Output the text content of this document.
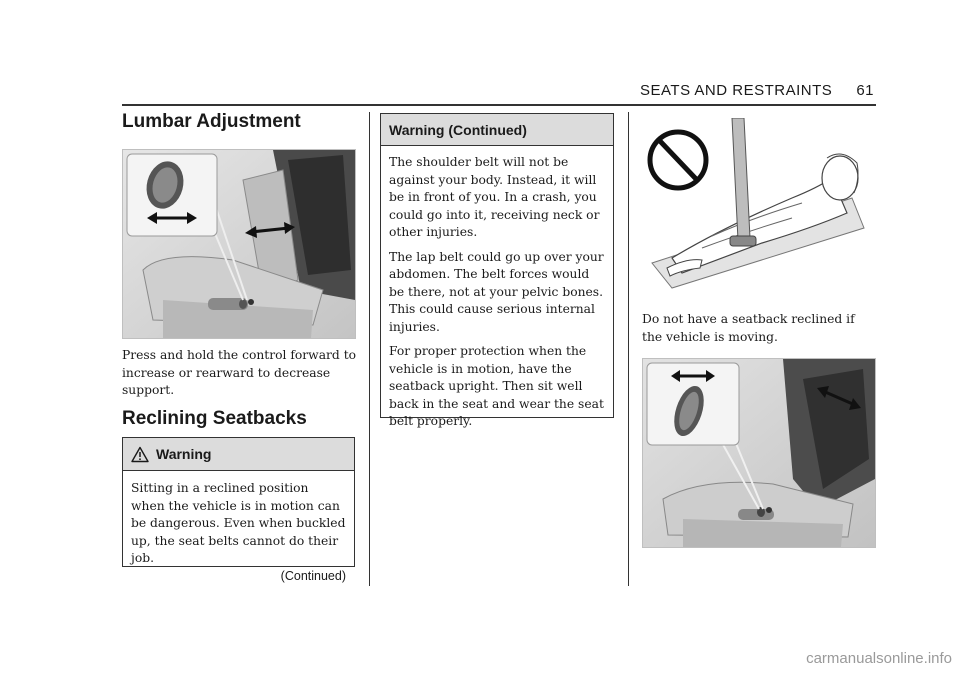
SEATS AND RESTRAINTS 61
Lumbar Adjustment
Press and hold the control forward to increase or rearward to decrease support.
Reclining Seatbacks
Warning
Sitting in a reclined position when the vehicle is in motion can be dangerous. Even when buckled up, the seat belts cannot do their job.
(Continued)
Warning (Continued)

The shoulder belt will not be against your body. Instead, it will be in front of you. In a crash, you could go into it, receiving neck or other injuries.

The lap belt could go up over your abdomen. The belt forces would be there, not at your pelvic bones. This could cause serious internal injuries.

For proper protection when the vehicle is in motion, have the seatback upright. Then sit well back in the seat and wear the seat belt properly.

Do not have a seatback reclined if the vehicle is moving.
carmanualsonline.info
